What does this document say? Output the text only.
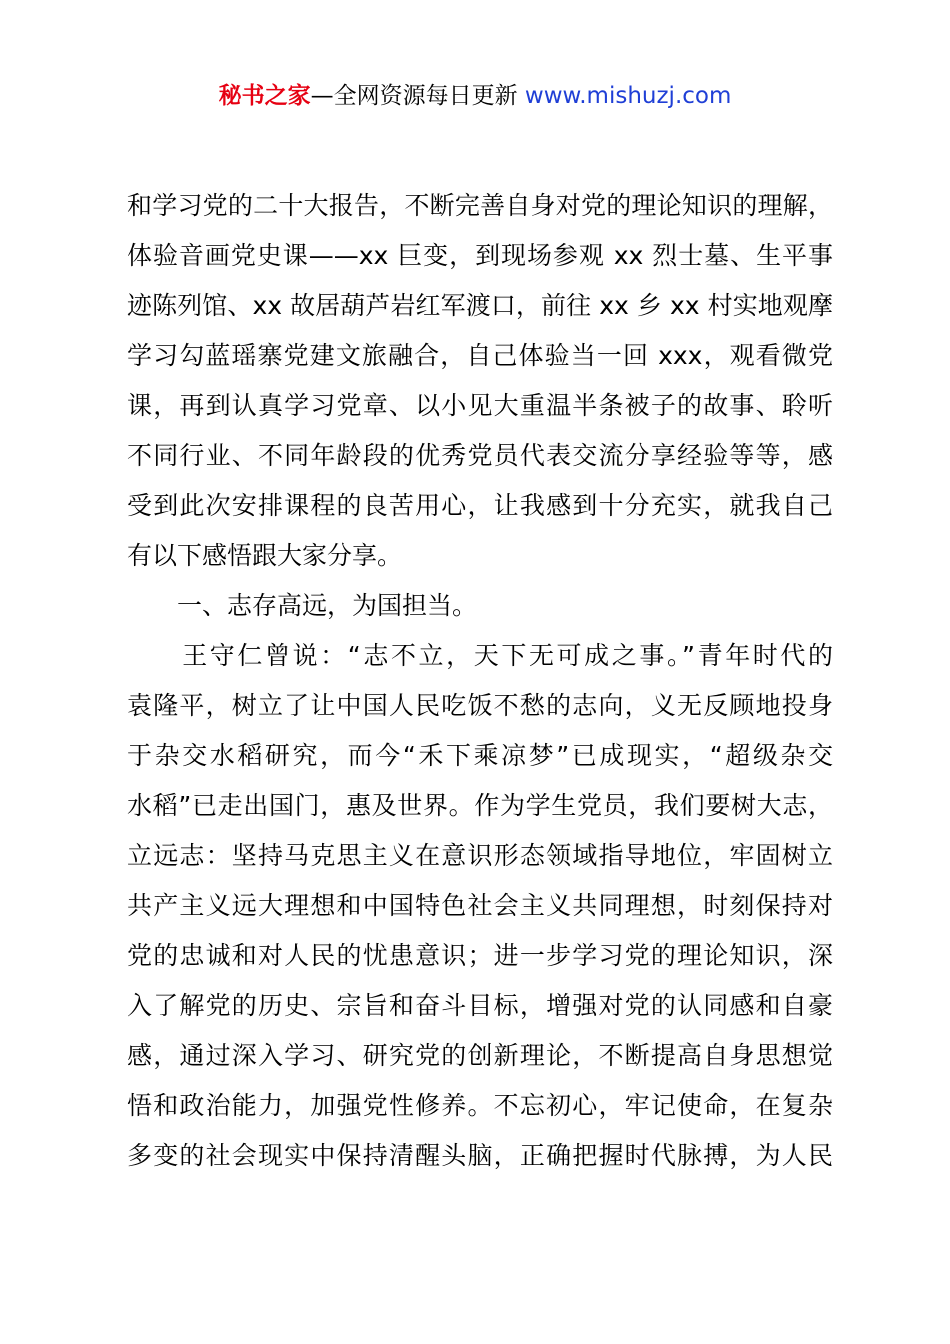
秘书之家—全网资源每日更新 www.mishuzj.com
和学习党的二十大报告，不断完善自身对党的理论知识的理解，
体验音画党史课——xx 巨变，到现场参观 xx 烈士墓、生平事
迹陈列馆、xx 故居葫芦岩红军渡口，前往 xx 乡 xx 村实地观摩
学习勾蓝瑶寨党建文旅融合，自己体验当一回 xxx，观看微党
课，再到认真学习党章、以小见大重温半条被子的故事、聆听
不同行业、不同年龄段的优秀党员代表交流分享经验等等，感
受到此次安排课程的良苦用心，让我感到十分充实，就我自己
有以下感悟跟大家分享。
　　一、志存高远，为国担当。
　　王守仁曾说：“志不立，天下无可成之事。”青年时代的
袁隆平，树立了让中国人民吃饭不愁的志向，义无反顾地投身
于杂交水稻研究，而今“禾下乘凉梦”已成现实，“超级杂交
水稻”已走出国门，惠及世界。作为学生党员，我们要树大志，
立远志：坚持马克思主义在意识形态领域指导地位，牢固树立
共产主义远大理想和中国特色社会主义共同理想，时刻保持对
党的忠诚和对人民的忧患意识；进一步学习党的理论知识，深
入了解党的历史、宗旨和奋斗目标，增强对党的认同感和自豪
感，通过深入学习、研究党的创新理论，不断提高自身思想觉
悟和政治能力，加强党性修养。不忘初心，牢记使命，在复杂
多变的社会现实中保持清醒头脑，正确把握时代脉搏，为人民
